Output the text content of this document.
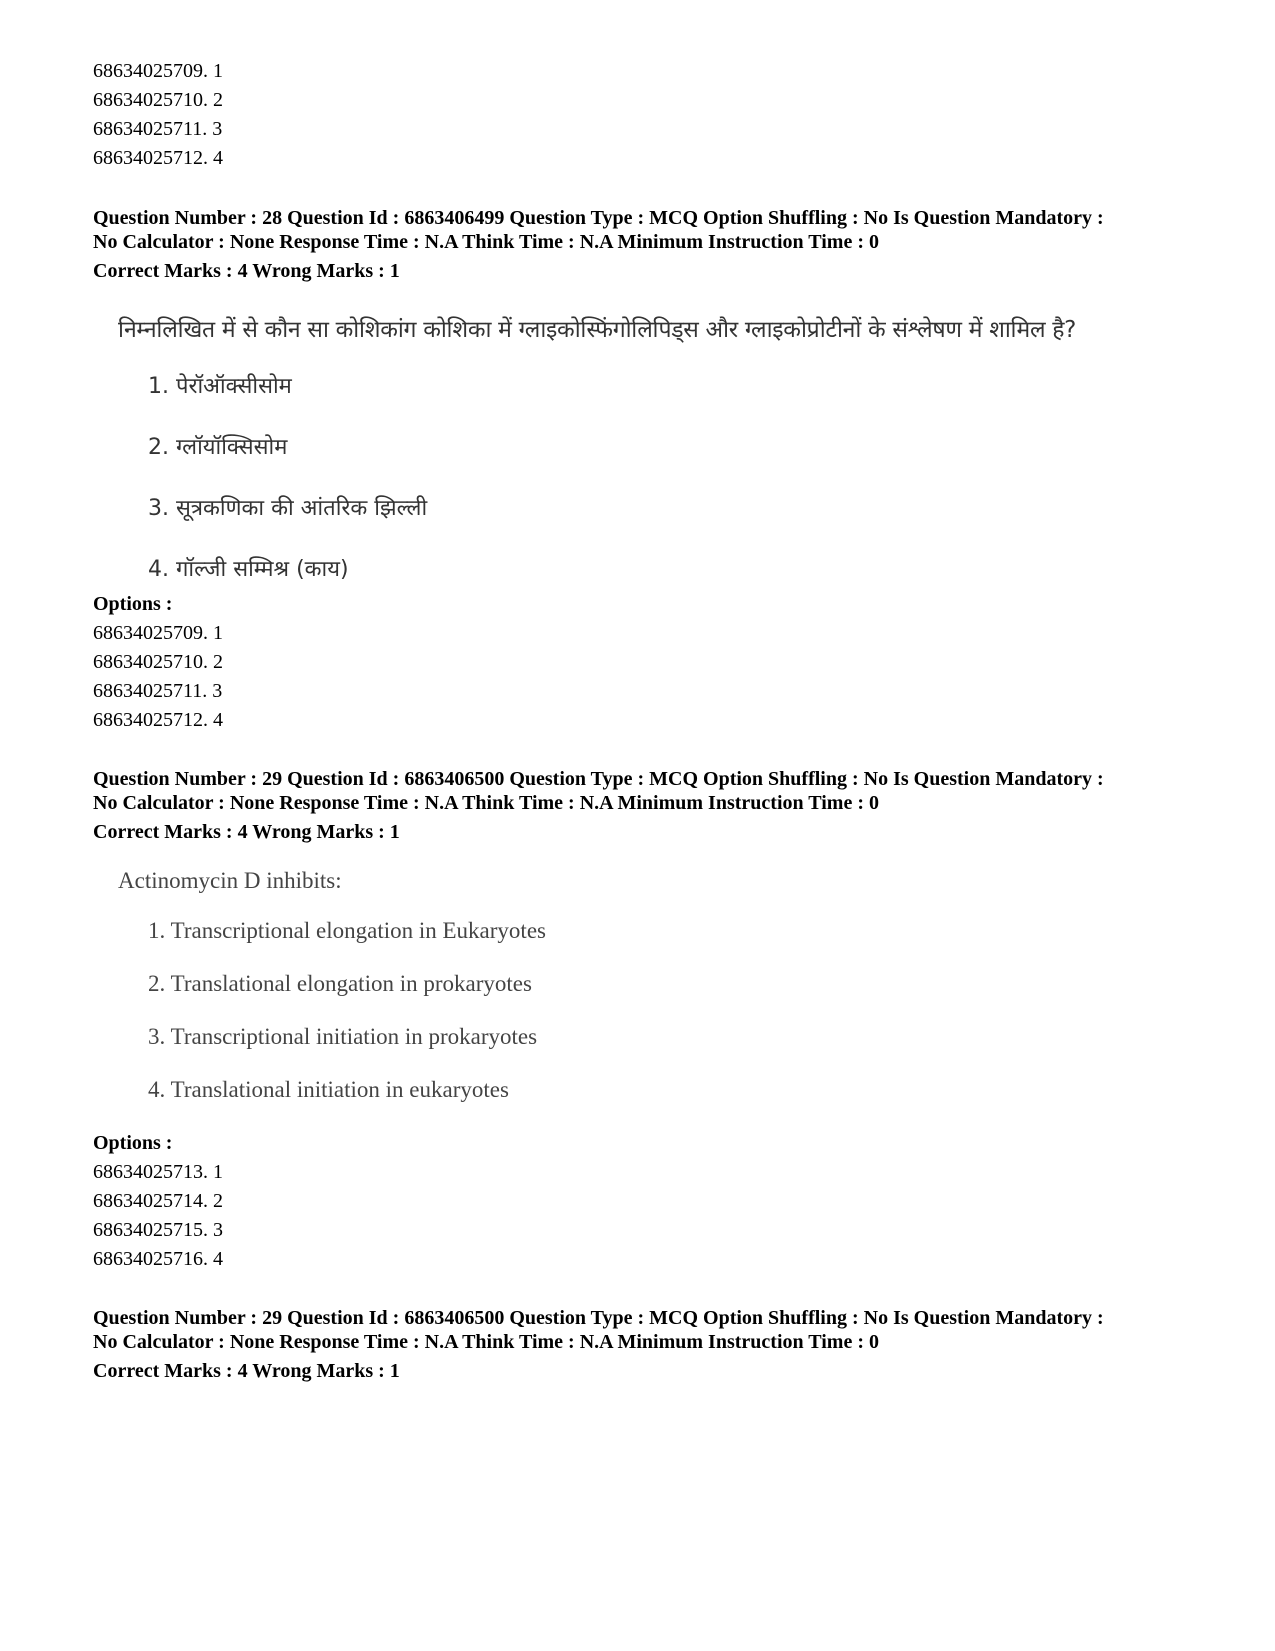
68634025709. 1
68634025710. 2
68634025711. 3
68634025712. 4
Question Number : 28 Question Id : 6863406499 Question Type : MCQ Option Shuffling : No Is Question Mandatory :
No Calculator : None Response Time : N.A Think Time : N.A Minimum Instruction Time : 0
Correct Marks : 4 Wrong Marks : 1
निम्नलिखित में से कौन सा कोशिकांग कोशिका में ग्लाइकोस्फिंगोलिपिड्स और ग्लाइकोप्रोटीनों के संश्लेषण में शामिल है?
1. पेरॉऑक्सीसोम
2. ग्लॉयॉक्सिसोम
3. सूत्रकणिका की आंतरिक झिल्ली
4. गॉल्जी सम्मिश्र (काय)
Options :
68634025709. 1
68634025710. 2
68634025711. 3
68634025712. 4
Question Number : 29 Question Id : 6863406500 Question Type : MCQ Option Shuffling : No Is Question Mandatory :
No Calculator : None Response Time : N.A Think Time : N.A Minimum Instruction Time : 0
Correct Marks : 4 Wrong Marks : 1
Actinomycin D inhibits:
1. Transcriptional elongation in Eukaryotes
2. Translational elongation in prokaryotes
3. Transcriptional initiation in prokaryotes
4. Translational initiation in eukaryotes
Options :
68634025713. 1
68634025714. 2
68634025715. 3
68634025716. 4
Question Number : 29 Question Id : 6863406500 Question Type : MCQ Option Shuffling : No Is Question Mandatory :
No Calculator : None Response Time : N.A Think Time : N.A Minimum Instruction Time : 0
Correct Marks : 4 Wrong Marks : 1
